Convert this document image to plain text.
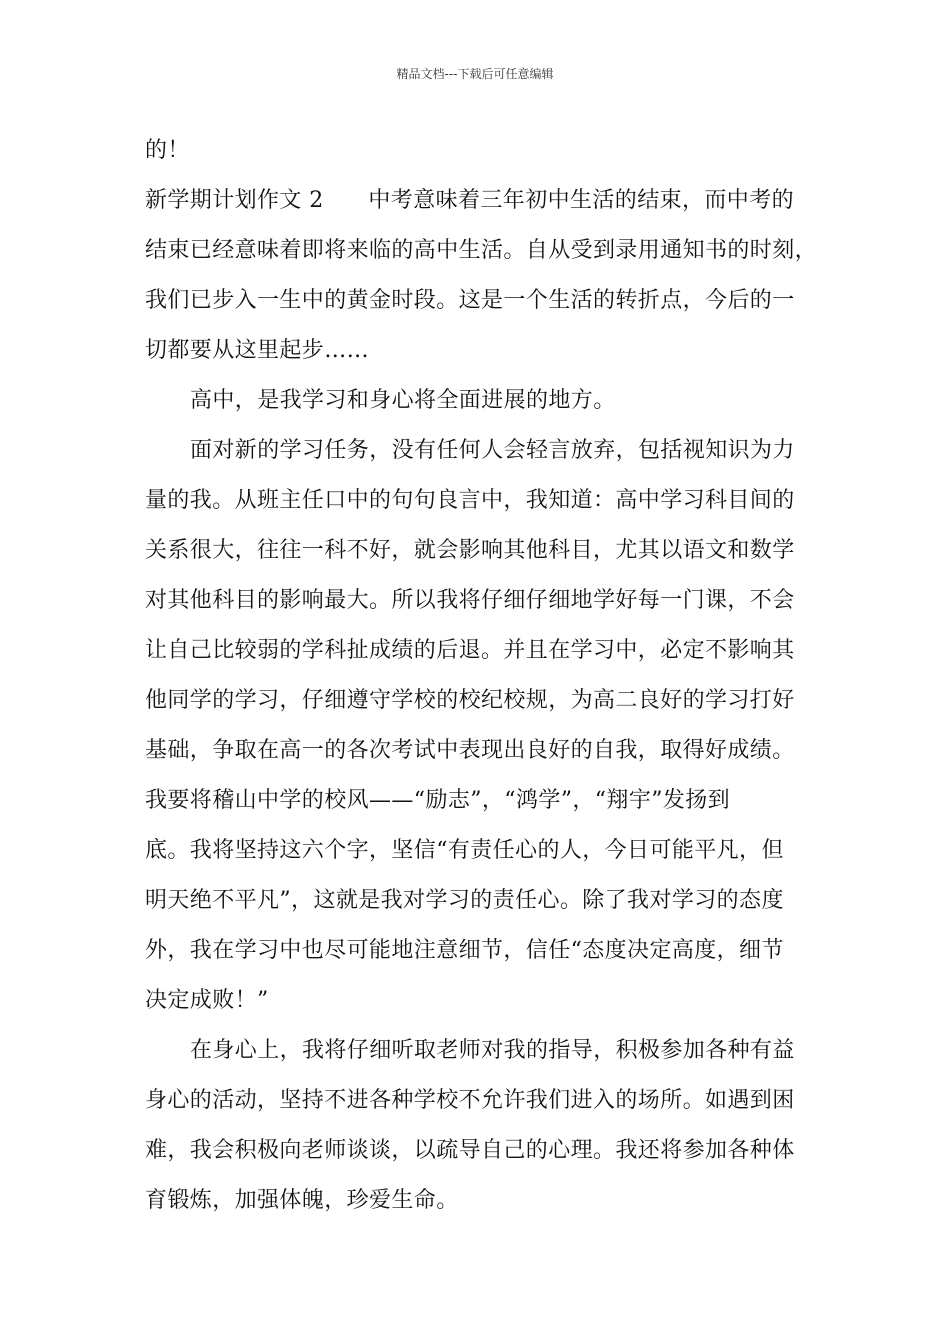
精品文档---下载后可任意编辑
的！
新学期计划作文 2　　中考意味着三年初中生活的结束，而中考的
结束已经意味着即将来临的高中生活。自从受到录用通知书的时刻，
我们已步入一生中的黄金时段。这是一个生活的转折点，今后的一
切都要从这里起步……
高中，是我学习和身心将全面进展的地方。
面对新的学习任务，没有任何人会轻言放弃，包括视知识为力
量的我。从班主任口中的句句良言中，我知道：高中学习科目间的
关系很大，往往一科不好，就会影响其他科目，尤其以语文和数学
对其他科目的影响最大。所以我将仔细仔细地学好每一门课，不会
让自己比较弱的学科扯成绩的后退。并且在学习中，必定不影响其
他同学的学习，仔细遵守学校的校纪校规，为高二良好的学习打好
基础，争取在高一的各次考试中表现出良好的自我，取得好成绩。
我要将稽山中学的校风——“励志”，“鸿学”，“翔宇”发扬到
底。我将坚持这六个字，坚信“有责任心的人，今日可能平凡，但
明天绝不平凡”，这就是我对学习的责任心。除了我对学习的态度
外，我在学习中也尽可能地注意细节，信任“态度决定高度，细节
决定成败！”
在身心上，我将仔细听取老师对我的指导，积极参加各种有益
身心的活动，坚持不进各种学校不允许我们进入的场所。如遇到困
难，我会积极向老师谈谈，以疏导自己的心理。我还将参加各种体
育锻炼，加强体魄，珍爱生命。
